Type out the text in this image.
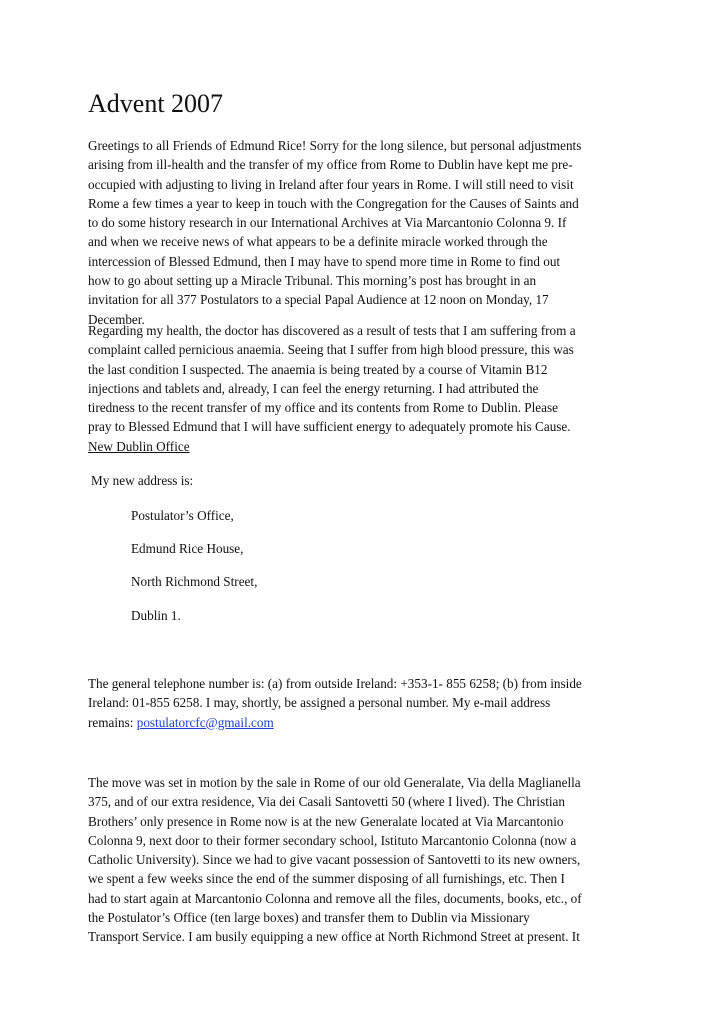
Advent 2007

Greetings to all Friends of Edmund Rice! Sorry for the long silence, but personal adjustments
arising from ill-health and the transfer of my office from Rome to Dublin have kept me pre-
occupied with adjusting to living in Ireland after four years in Rome. I will still need to visit
Rome a few times a year to keep in touch with the Congregation for the Causes of Saints and
to do some history research in our International Archives at Via Marcantonio Colonna 9. If
and when we receive news of what appears to be a definite miracle worked through the
intercession of Blessed Edmund, then I may have to spend more time in Rome to find out
how to go about setting up a Miracle Tribunal. This morning’s post has brought in an
invitation for all 377 Postulators to a special Papal Audience at 12 noon on Monday, 17
December.

Regarding my health, the doctor has discovered as a result of tests that I am suffering from a
complaint called pernicious anaemia. Seeing that I suffer from high blood pressure, this was
the last condition I suspected. The anaemia is being treated by a course of Vitamin B12
injections and tablets and, already, I can feel the energy returning. I had attributed the
tiredness to the recent transfer of my office and its contents from Rome to Dublin. Please
pray to Blessed Edmund that I will have sufficient energy to adequately promote his Cause.

New Dublin Office

My new address is:

Postulator’s Office,

Edmund Rice House,

North Richmond Street,

Dublin 1.

The general telephone number is: (a) from outside Ireland: +353-1- 855 6258; (b) from inside
Ireland: 01-855 6258. I may, shortly, be assigned a personal number. My e-mail address
remains: postulatorcfc@gmail.com

The move was set in motion by the sale in Rome of our old Generalate, Via della Maglianella
375, and of our extra residence, Via dei Casali Santovetti 50 (where I lived). The Christian
Brothers’ only presence in Rome now is at the new Generalate located at Via Marcantonio
Colonna 9, next door to their former secondary school, Istituto Marcantonio Colonna (now a
Catholic University). Since we had to give vacant possession of Santovetti to its new owners,
we spent a few weeks since the end of the summer disposing of all furnishings, etc. Then I
had to start again at Marcantonio Colonna and remove all the files, documents, books, etc., of
the Postulator’s Office (ten large boxes) and transfer them to Dublin via Missionary
Transport Service. I am busily equipping a new office at North Richmond Street at present. It
